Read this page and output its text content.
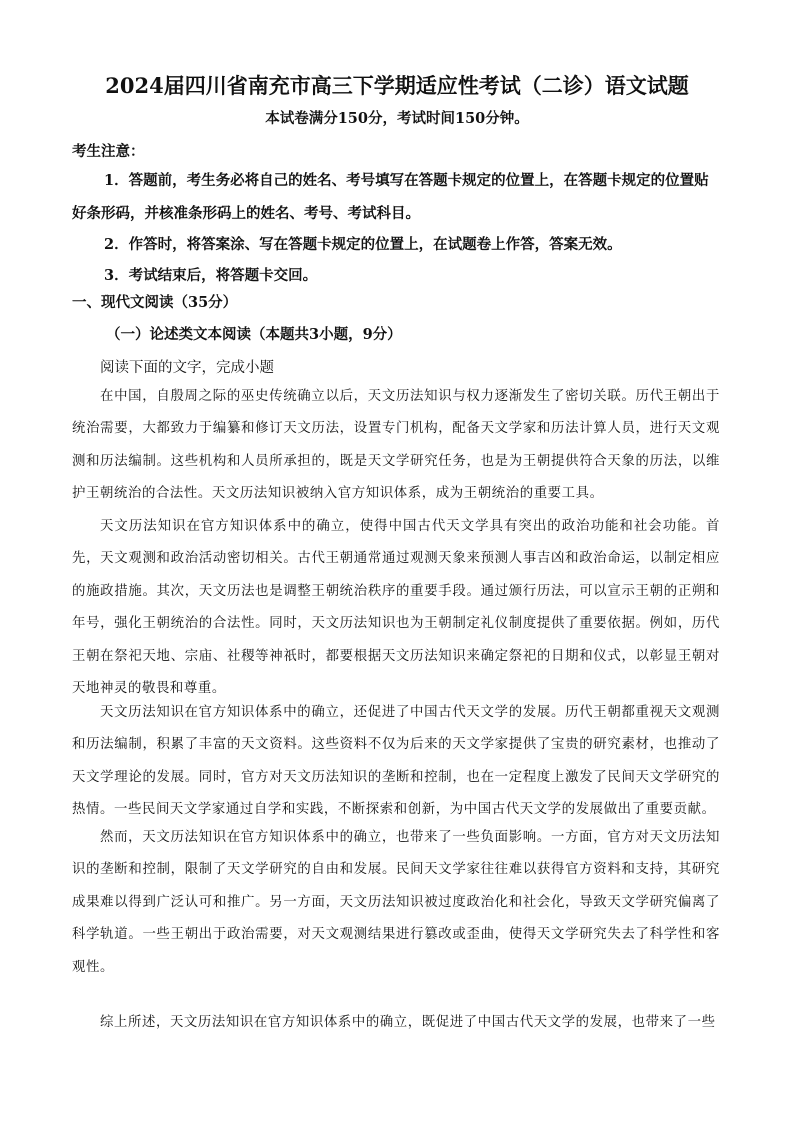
2024届四川省南充市高三下学期适应性考试（二诊）语文试题
本试卷满分150分，考试时间150分钟。
考生注意：
1．答题前，考生务必将自己的姓名、考号填写在答题卡规定的位置上，在答题卡规定的位置贴好条形码，并核准条形码上的姓名、考号、考试科目。
2．作答时，将答案涂、写在答题卡规定的位置上，在试题卷上作答，答案无效。
3．考试结束后，将答题卡交回。
一、现代文阅读（35分）
（一）论述类文本阅读（本题共3小题，9分）
阅读下面的文字，完成小题
在中国，自殷周之际的巫史传统确立以后，天文历法知识与权力逐渐发生了密切关联。历代王朝出于统治需要，大都致力于编纂和修订天文历法，设置专门机构，配备天文学家和历法计算人员，进行天文观测和历法编制。这些机构和人员所承担的，既是天文学研究任务，也是为王朝提供符合天象的历法，以维护王朝统治的合法性。天文历法知识被纳入官方知识体系，成为王朝统治的重要工具。
天文历法知识在官方知识体系中的确立，使得中国古代天文学具有突出的政治功能和社会功能。首先，天文观测和政治活动密切相关。古代王朝通常通过观测天象来预测人事吉凶和政治命运，以制定相应的施政措施。其次，天文历法也是调整王朝统治秩序的重要手段。通过颁行历法，可以宣示王朝的正朔和年号，强化王朝统治的合法性。同时，天文历法知识也为王朝制定礼仪制度提供了重要依据。例如，历代王朝在祭祀天地、宗庙、社稷等神祇时，都要根据天文历法知识来确定祭祀的日期和仪式，以彰显王朝对天地神灵的敬畏和尊重。
天文历法知识在官方知识体系中的确立，还促进了中国古代天文学的发展。历代王朝都重视天文观测和历法编制，积累了丰富的天文资料。这些资料不仅为后来的天文学家提供了宝贵的研究素材，也推动了天文学理论的发展。同时，官方对天文历法知识的垄断和控制，也在一定程度上激发了民间天文学研究的热情。一些民间天文学家通过自学和实践，不断探索和创新，为中国古代天文学的发展做出了重要贡献。
然而，天文历法知识在官方知识体系中的确立，也带来了一些负面影响。一方面，官方对天文历法知识的垄断和控制，限制了天文学研究的自由和发展。民间天文学家往往难以获得官方资料和支持，其研究成果难以得到广泛认可和推广。另一方面，天文历法知识被过度政治化和社会化，导致天文学研究偏离了科学轨道。一些王朝出于政治需要，对天文观测结果进行篡改或歪曲，使得天文学研究失去了科学性和客观性。
综上所述，天文历法知识在官方知识体系中的确立，既促进了中国古代天文学的发展，也带来了一些
